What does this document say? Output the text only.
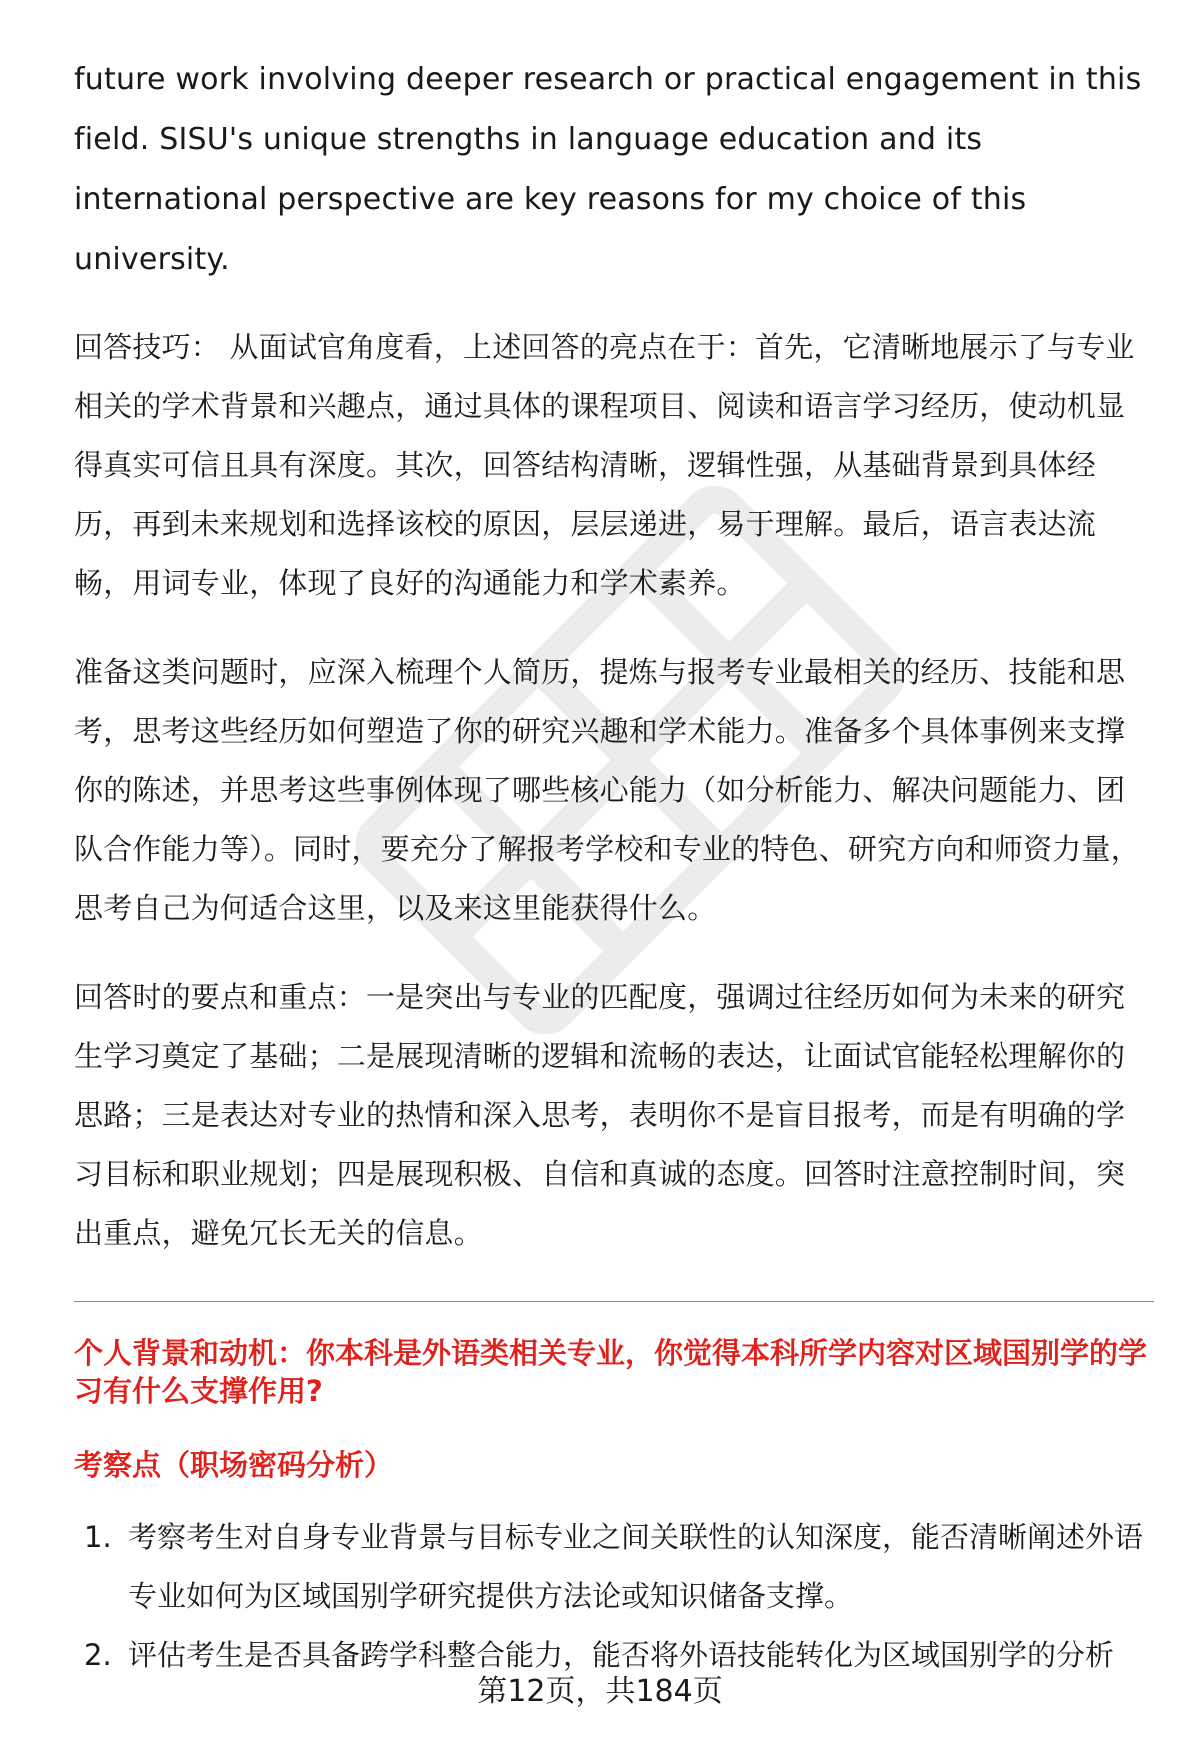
future work involving deeper research or practical engagement in this field. SISU's unique strengths in language education and its international perspective are key reasons for my choice of this university.

回答技巧： 从面试官角度看，上述回答的亮点在于：首先，它清晰地展示了与专业相关的学术背景和兴趣点，通过具体的课程项目、阅读和语言学习经历，使动机显得真实可信且具有深度。其次，回答结构清晰，逻辑性强，从基础背景到具体经历，再到未来规划和选择该校的原因，层层递进，易于理解。最后，语言表达流畅，用词专业，体现了良好的沟通能力和学术素养。

准备这类问题时，应深入梳理个人简历，提炼与报考专业最相关的经历、技能和思考，思考这些经历如何塑造了你的研究兴趣和学术能力。准备多个具体事例来支撑你的陈述，并思考这些事例体现了哪些核心能力（如分析能力、解决问题能力、团队合作能力等）。同时，要充分了解报考学校和专业的特色、研究方向和师资力量，思考自己为何适合这里，以及来这里能获得什么。

回答时的要点和重点：一是突出与专业的匹配度，强调过往经历如何为未来的研究生学习奠定了基础；二是展现清晰的逻辑和流畅的表达，让面试官能轻松理解你的思路；三是表达对专业的热情和深入思考，表明你不是盲目报考，而是有明确的学习目标和职业规划；四是展现积极、自信和真诚的态度。回答时注意控制时间，突出重点，避免冗长无关的信息。

个人背景和动机：你本科是外语类相关专业，你觉得本科所学内容对区域国别学的学习有什么支撑作用?
考察点（职场密码分析）
1. 考察考生对自身专业背景与目标专业之间关联性的认知深度，能否清晰阐述外语专业如何为区域国别学研究提供方法论或知识储备支撑。
2. 评估考生是否具备跨学科整合能力，能否将外语技能转化为区域国别学的分析
第12页，共184页
